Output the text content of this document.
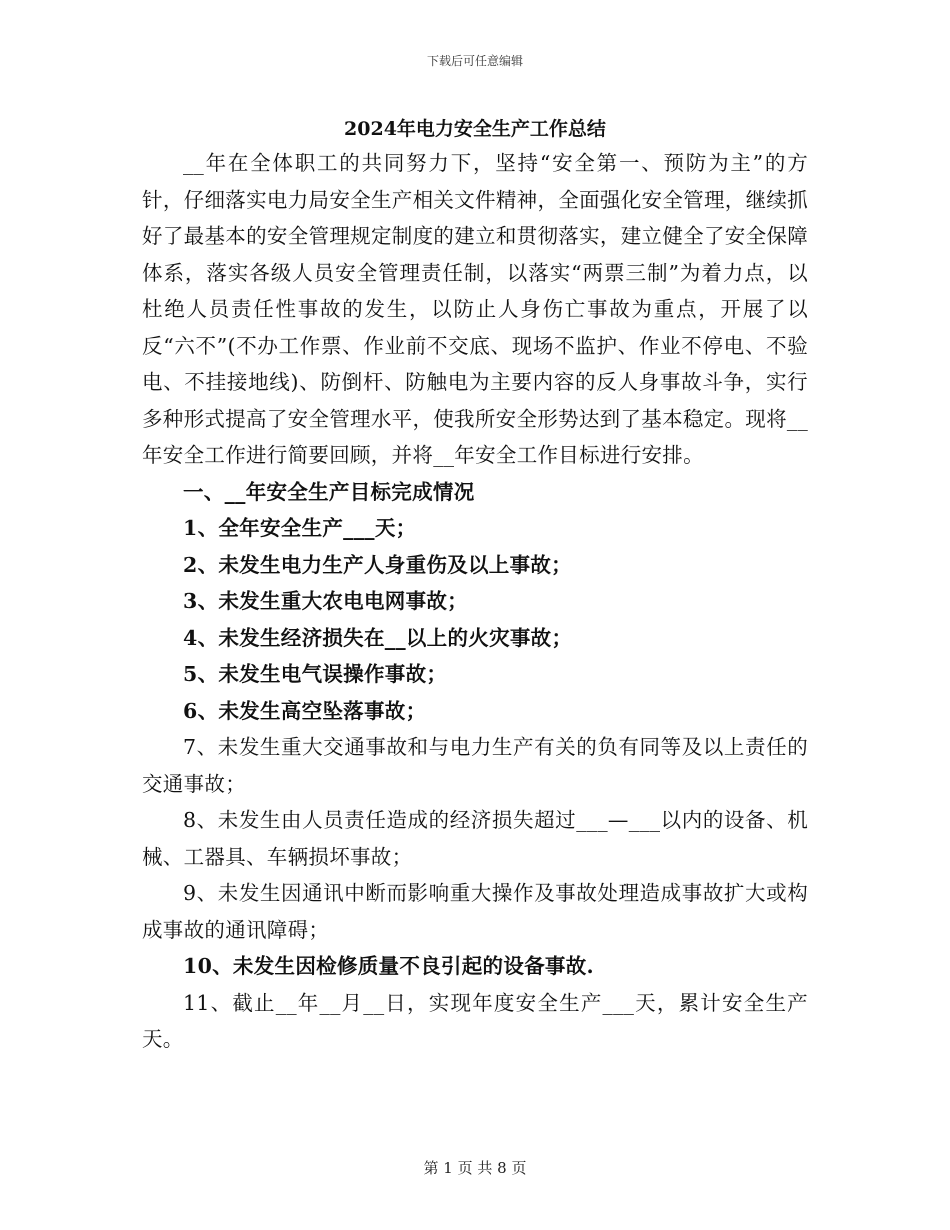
下载后可任意编辑
2024年电力安全生产工作总结

__年在全体职工的共同努力下，坚持“安全第一、预防为主”的方针，仔细落实电力局安全生产相关文件精神，全面强化安全管理，继续抓好了最基本的安全管理规定制度的建立和贯彻落实，建立健全了安全保障体系，落实各级人员安全管理责任制，以落实“两票三制”为着力点，以杜绝人员责任性事故的发生，以防止人身伤亡事故为重点，开展了以反“六不”(不办工作票、作业前不交底、现场不监护、作业不停电、不验电、不挂接地线)、防倒杆、防触电为主要内容的反人身事故斗争，实行多种形式提高了安全管理水平，使我所安全形势达到了基本稳定。现将__年安全工作进行简要回顾，并将__年安全工作目标进行安排。

一、__年安全生产目标完成情况

1、全年安全生产___天；

2、未发生电力生产人身重伤及以上事故；

3、未发生重大农电电网事故；

4、未发生经济损失在__以上的火灾事故；

5、未发生电气误操作事故；

6、未发生高空坠落事故；

7、未发生重大交通事故和与电力生产有关的负有同等及以上责任的交通事故；

8、未发生由人员责任造成的经济损失超过___—___以内的设备、机械、工器具、车辆损坏事故；

9、未发生因通讯中断而影响重大操作及事故处理造成事故扩大或构成事故的通讯障碍；

10、未发生因检修质量不良引起的设备事故.

11、截止__年__月__日，实现年度安全生产___天，累计安全生产天。

第 1 页 共 8 页
